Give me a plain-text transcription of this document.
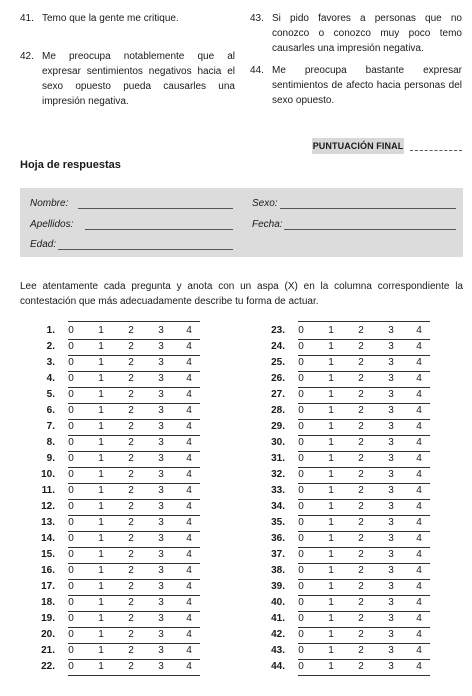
41. Temo que la gente me critique.
42. Me preocupa notablemente que al expresar sentimientos negativos hacia el sexo opuesto pueda causarles una impresión negativa.
43. Si pido favores a personas que no conozco o conozco muy poco temo causarles una impresión negativa.
44. Me preocupa bastante expresar sentimientos de afecto hacia personas del sexo opuesto.
PUNTUACIÓN FINAL
Hoja de respuestas
Nombre:
Apellidos:
Edad:
Sexo:
Fecha:
Lee atentamente cada pregunta y anota con un aspa (X) en la columna correspondiente la contestación que más adecuadamente describe tu forma de actuar.
1.	0	1	2	3	4
2.	0	1	2	3	4
3.	0	1	2	3	4
4.	0	1	2	3	4
5.	0	1	2	3	4
6.	0	1	2	3	4
7.	0	1	2	3	4
8.	0	1	2	3	4
9.	0	1	2	3	4
10.	0	1	2	3	4
11.	0	1	2	3	4
12.	0	1	2	3	4
13.	0	1	2	3	4
14.	0	1	2	3	4
15.	0	1	2	3	4
16.	0	1	2	3	4
17.	0	1	2	3	4
18.	0	1	2	3	4
19.	0	1	2	3	4
20.	0	1	2	3	4
21.	0	1	2	3	4
22.	0	1	2	3	4
23.	0	1	2	3	4
24.	0	1	2	3	4
25.	0	1	2	3	4
26.	0	1	2	3	4
27.	0	1	2	3	4
28.	0	1	2	3	4
29.	0	1	2	3	4
30.	0	1	2	3	4
31.	0	1	2	3	4
32.	0	1	2	3	4
33.	0	1	2	3	4
34.	0	1	2	3	4
35.	0	1	2	3	4
36.	0	1	2	3	4
37.	0	1	2	3	4
38.	0	1	2	3	4
39.	0	1	2	3	4
40.	0	1	2	3	4
41.	0	1	2	3	4
42.	0	1	2	3	4
43.	0	1	2	3	4
44.	0	1	2	3	4
